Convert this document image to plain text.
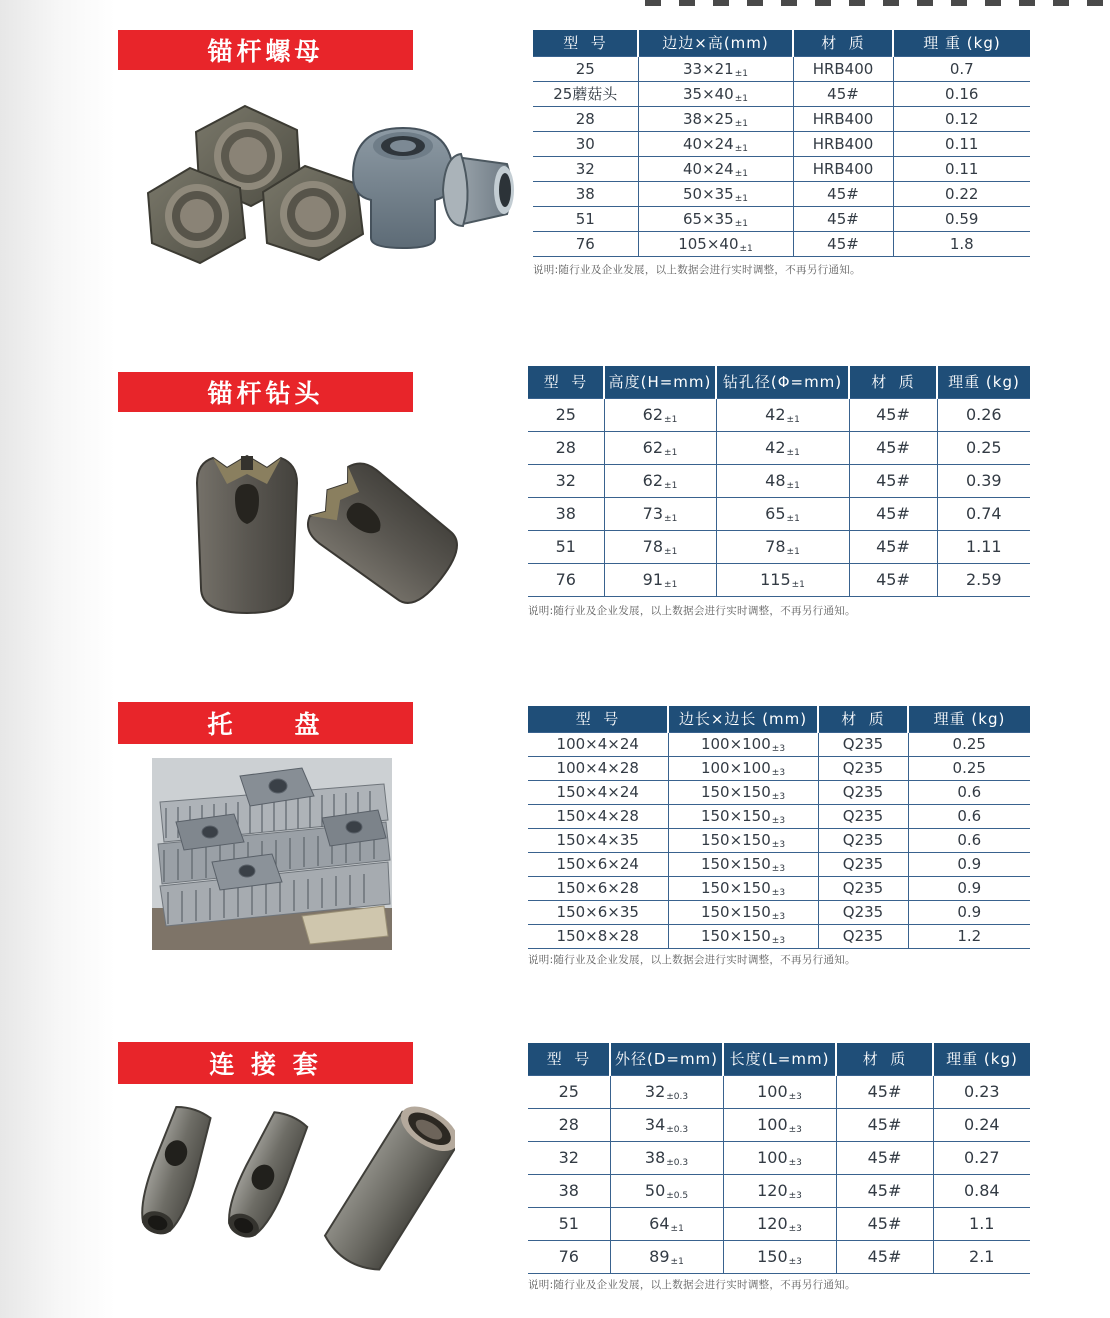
锚杆螺母	型  号	边边×高(mm)	材  质	理 重 (kg)
25	33×21±1	HRB400	0.7
25蘑菇头	35×40±1	45#	0.16
28	38×25±1	HRB400	0.12
30	40×24±1	HRB400	0.11
32	40×24±1	HRB400	0.11
38	50×35±1	45#	0.22
51	65×35±1	45#	0.59
76	105×40±1	45#	1.8
说明:随行业及企业发展，以上数据会进行实时调整，不再另行通知。
锚杆钻头	型  号	高度(H=mm)	钻孔径(Φ=mm)	材  质	理重 (kg)
25	62±1	42±1	45#	0.26
28	62±1	42±1	45#	0.25
32	62±1	48±1	45#	0.39
38	73±1	65±1	45#	0.74
51	78±1	78±1	45#	1.11
76	91±1	115±1	45#	2.59
说明:随行业及企业发展，以上数据会进行实时调整，不再另行通知。
托　　盘	型  号	边长×边长 (mm)	材  质	理重 (kg)
100×4×24	100×100±3	Q235	0.25
100×4×28	100×100±3	Q235	0.25
150×4×24	150×150±3	Q235	0.6
150×4×28	150×150±3	Q235	0.6
150×4×35	150×150±3	Q235	0.6
150×6×24	150×150±3	Q235	0.9
150×6×28	150×150±3	Q235	0.9
150×6×35	150×150±3	Q235	0.9
150×8×28	150×150±3	Q235	1.2
说明:随行业及企业发展，以上数据会进行实时调整，不再另行通知。
连 接 套	型  号	外径(D=mm)	长度(L=mm)	材  质	理重 (kg)
25	32±0.3	100±3	45#	0.23
28	34±0.3	100±3	45#	0.24
32	38±0.3	100±3	45#	0.27
38	50±0.5	120±3	45#	0.84
51	64±1	120±3	45#	1.1
76	89±1	150±3	45#	2.1
说明:随行业及企业发展，以上数据会进行实时调整，不再另行通知。
